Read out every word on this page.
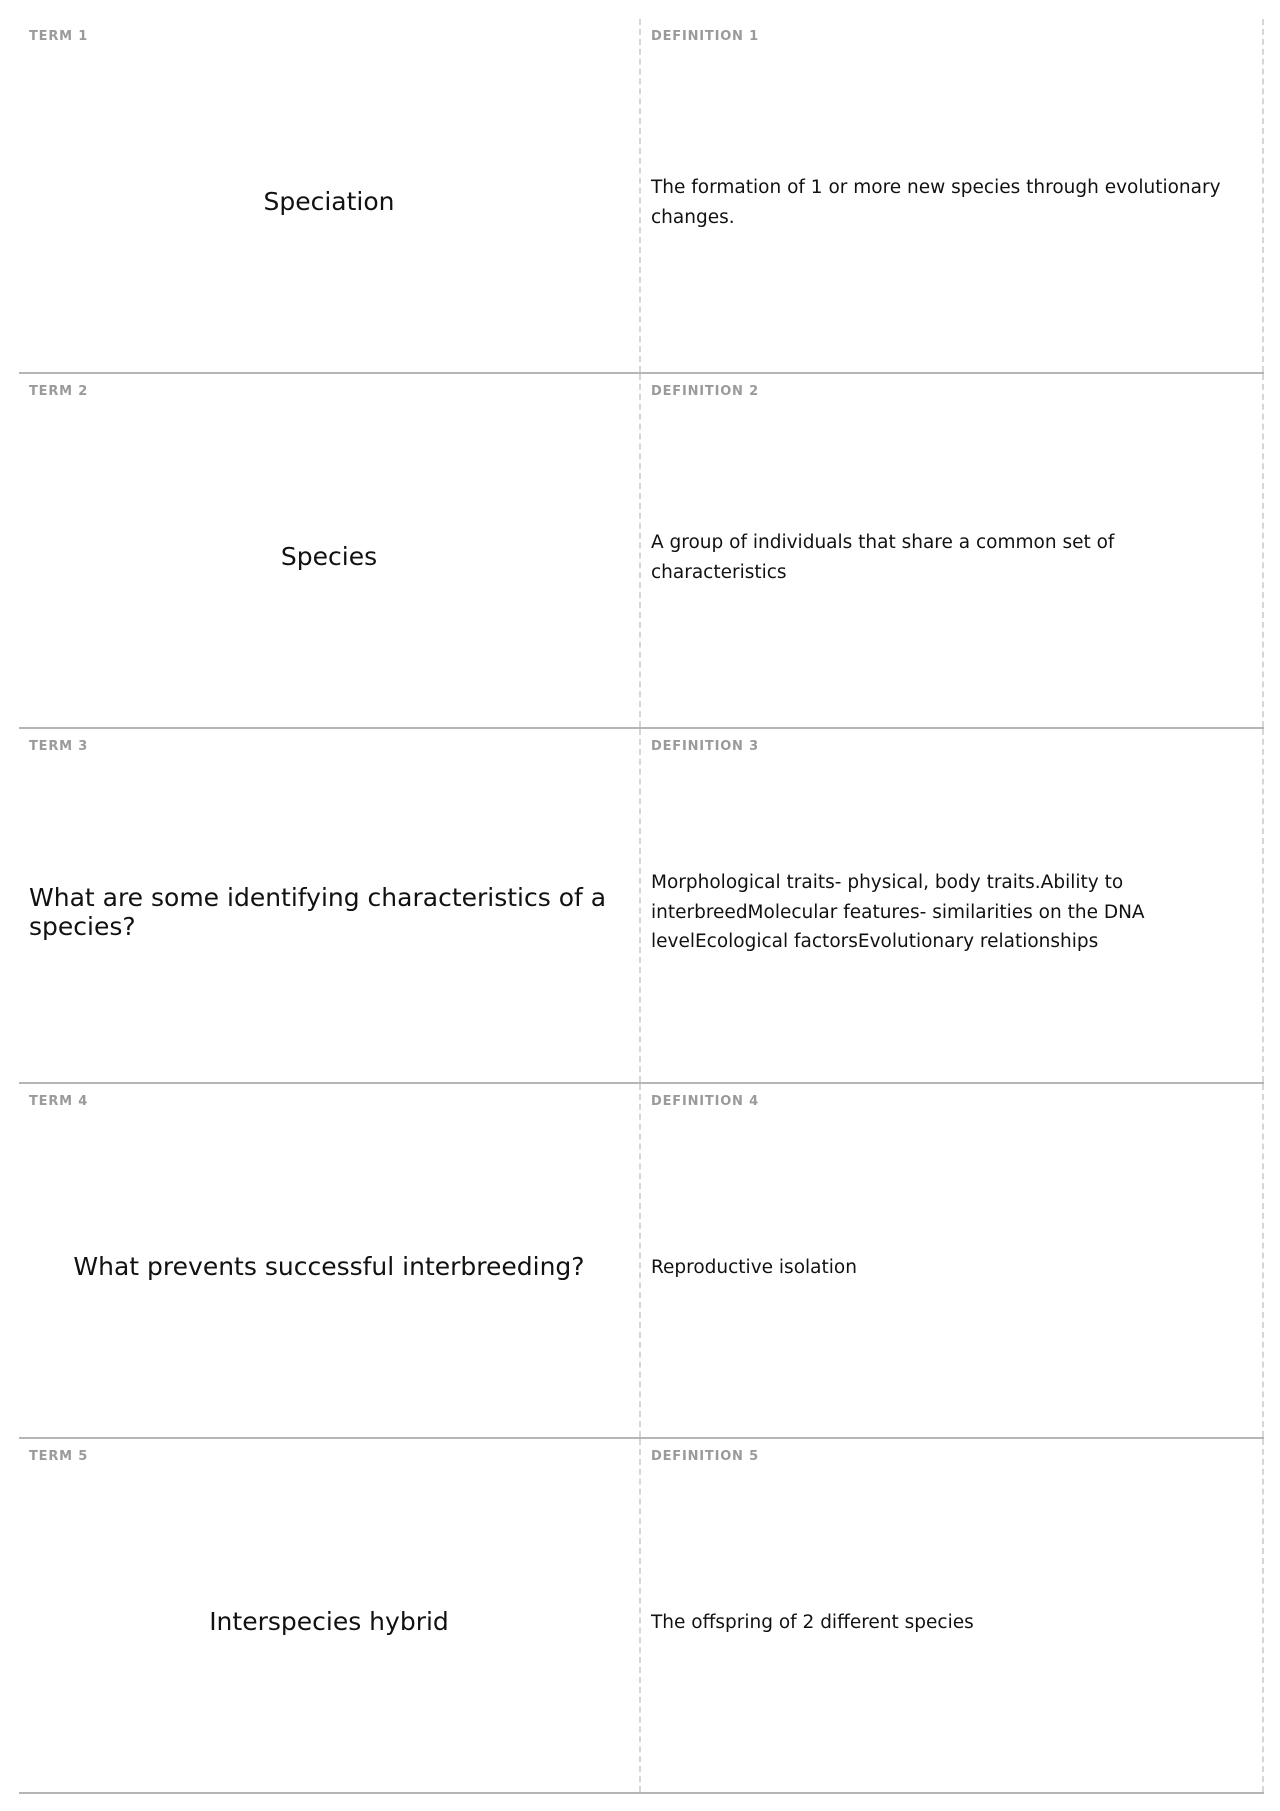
TERM 1
Speciation
DEFINITION 1
The formation of 1 or more new species through evolutionary changes.
TERM 2
Species
DEFINITION 2
A group of individuals that share a common set of characteristics
TERM 3
What are some identifying characteristics of a species?
DEFINITION 3
Morphological traits- physical, body traits.Ability to interbreedMolecular features- similarities on the DNA levelEcological factorsEvolutionary relationships
TERM 4
What prevents successful interbreeding?
DEFINITION 4
Reproductive isolation
TERM 5
Interspecies hybrid
DEFINITION 5
The offspring of 2 different species
